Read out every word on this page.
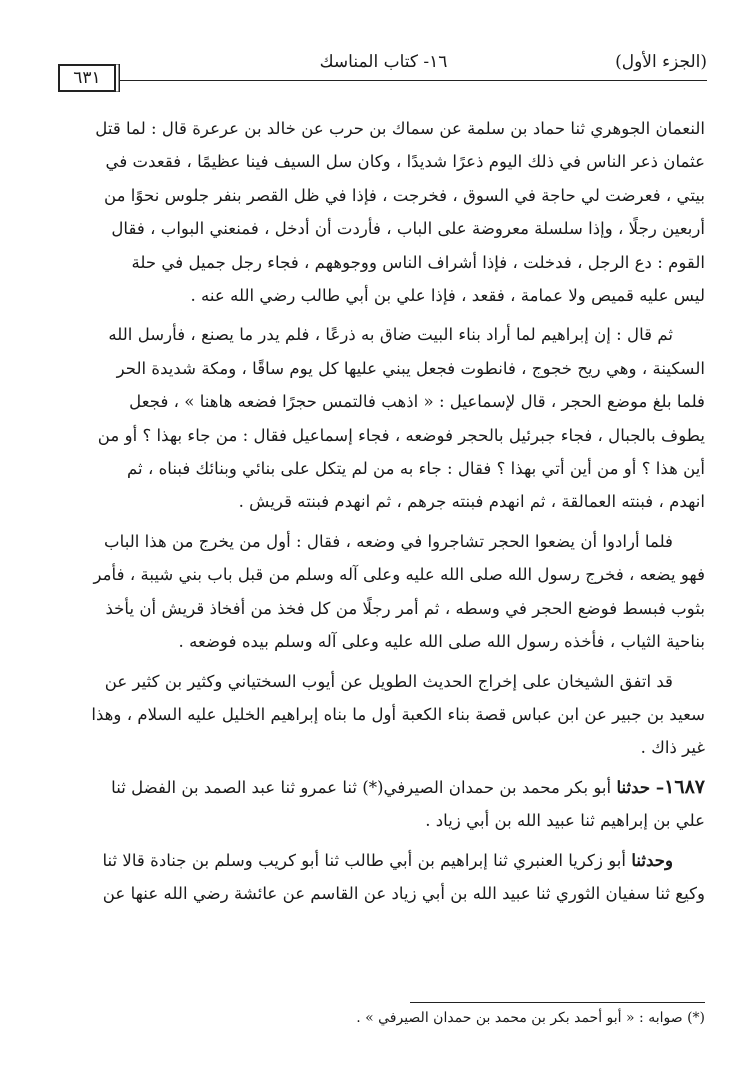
(الجزء الأول)
١٦- كتاب المناسك
٦٣١

النعمان الجوهري ثنا حماد بن سلمة عن سماك بن حرب عن خالد بن عرعرة قال : لما قتل

عثمان ذعر الناس في ذلك اليوم ذعرًا شديدًا ، وكان سل السيف فينا عظيمًا ، فقعدت في

بيتي ، فعرضت لي حاجة في السوق ، فخرجت ، فإذا في ظل القصر بنفر جلوس نحوًا من

أربعين رجلًا ، وإذا سلسلة معروضة على الباب ، فأردت أن أدخل ، فمنعني البواب ، فقال

القوم : دع الرجل ، فدخلت ، فإذا أشراف الناس ووجوههم ، فجاء رجل جميل في حلة

ليس عليه قميص ولا عمامة ، فقعد ، فإذا علي بن أبي طالب رضي الله عنه .

ثم قال : إن إبراهيم لما أراد بناء البيت ضاق به ذرعًا ، فلم يدر ما يصنع ، فأرسل الله

السكينة ، وهي ريح خجوج ، فانطوت فجعل يبني عليها كل يوم ساقًا ، ومكة شديدة الحر

فلما بلغ موضع الحجر ، قال لإسماعيل : « اذهب فالتمس حجرًا فضعه هاهنا » ، فجعل

يطوف بالجبال ، فجاء جبرئيل بالحجر فوضعه ، فجاء إسماعيل فقال : من جاء بهذا ؟ أو من

أين هذا ؟ أو من أين أتي بهذا ؟ فقال : جاء به من لم يتكل على بنائي وبنائك فبناه ، ثم

انهدم ، فبنته العمالقة ، ثم انهدم فبنته جرهم ، ثم انهدم فبنته قريش .

فلما أرادوا أن يضعوا الحجر تشاجروا في وضعه ، فقال : أول من يخرج من هذا الباب

فهو يضعه ، فخرج رسول الله صلى الله عليه وعلى آله وسلم من قبل باب بني شيبة ، فأمر

بثوب فبسط فوضع الحجر في وسطه ، ثم أمر رجلًا من كل فخذ من أفخاذ قريش أن يأخذ

بناحية الثياب ، فأخذه رسول الله صلى الله عليه وعلى آله وسلم بيده فوضعه .

قد اتفق الشيخان على إخراج الحديث الطويل عن أيوب السختياني وكثير بن كثير عن

سعيد بن جبير عن ابن عباس قصة بناء الكعبة أول ما بناه إبراهيم الخليل عليه السلام ، وهذا

غير ذاك .

١٦٨٧– حدثنا أبو بكر محمد بن حمدان الصيرفي(*) ثنا عمرو ثنا عبد الصمد بن الفضل ثنا

علي بن إبراهيم ثنا عبيد الله بن أبي زياد .

وحدثنا أبو زكريا العنبري ثنا إبراهيم بن أبي طالب ثنا أبو كريب وسلم بن جنادة قالا ثنا

وكيع ثنا سفيان الثوري ثنا عبيد الله بن أبي زياد عن القاسم عن عائشة رضي الله عنها عن

(*) صوابه : « أبو أحمد بكر بن محمد بن حمدان الصيرفي » .
